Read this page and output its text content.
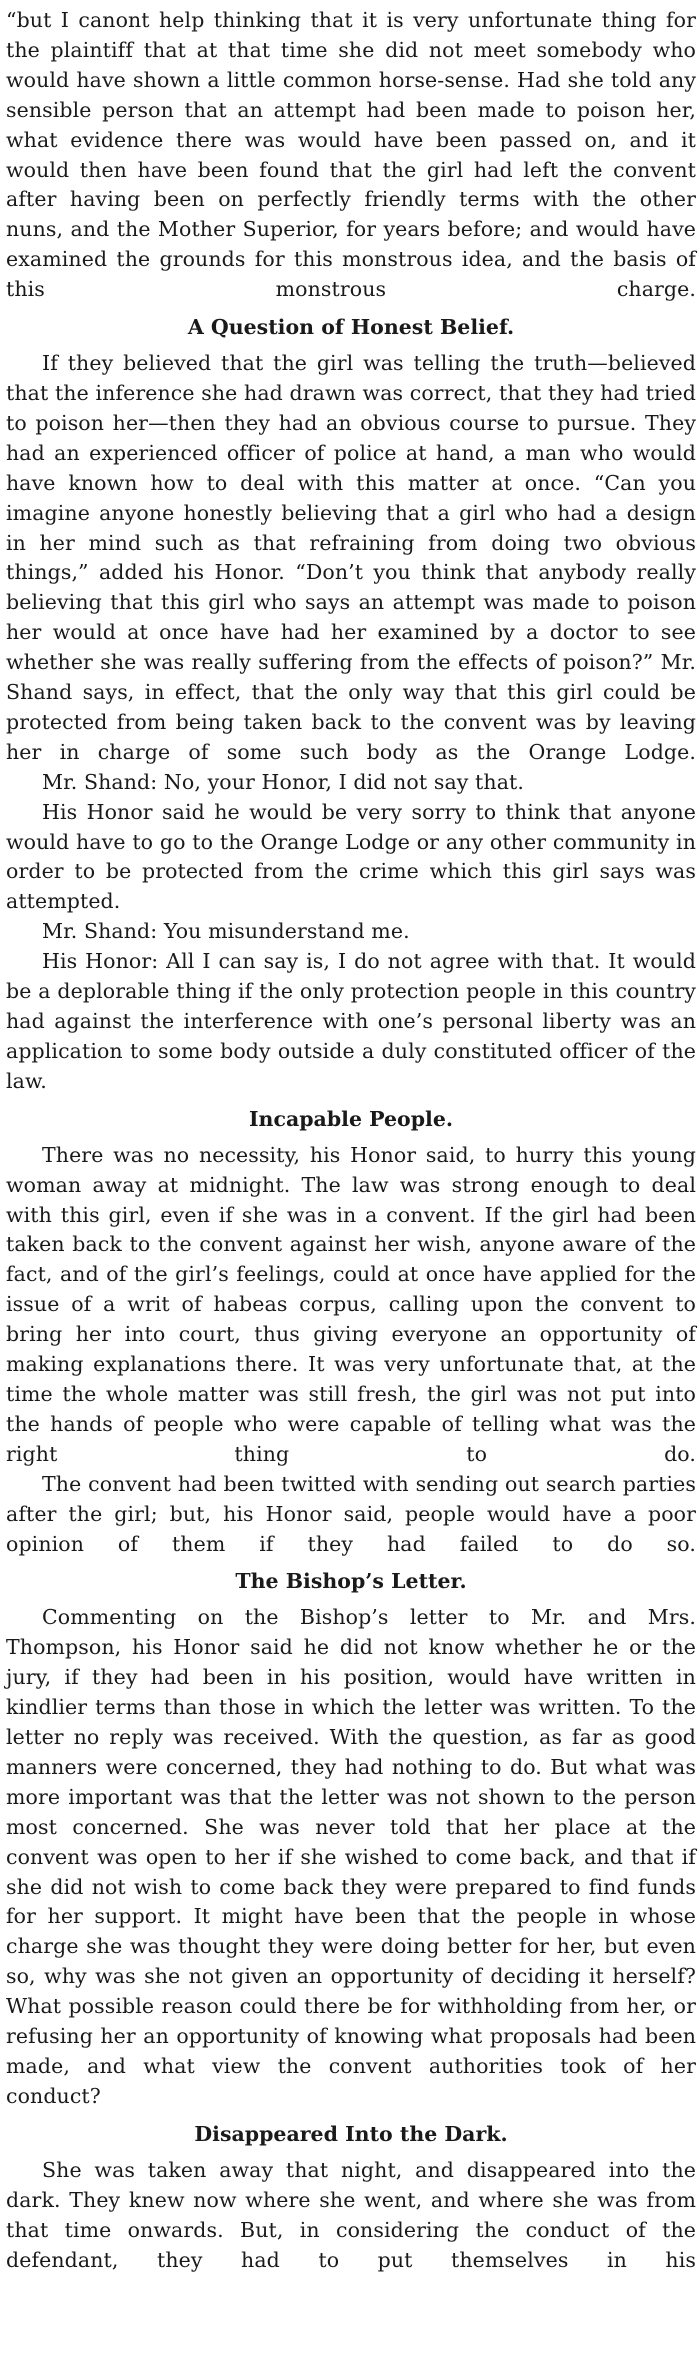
“but I canont help thinking that it is very unfortunate thing for the plaintiff that at that time she did not meet somebody who would have shown a little common horse-sense. Had she told any sensible person that an attempt had been made to poison her, what evidence there was would have been passed on, and it would then have been found that the girl had left the convent after having been on perfectly friendly terms with the other nuns, and the Mother Superior, for years before; and would have examined the grounds for this monstrous idea, and the basis of this monstrous charge.

A Question of Honest Belief.

If they believed that the girl was telling the truth—believed that the inference she had drawn was correct, that they had tried to poison her—then they had an obvious course to pursue. They had an experienced officer of police at hand, a man who would have known how to deal with this matter at once. “Can you imagine anyone honestly believing that a girl who had a design in her mind such as that refraining from doing two obvious things,” added his Honor. “Don’t you think that anybody really believing that this girl who says an attempt was made to poison her would at once have had her examined by a doctor to see whether she was really suffering from the effects of poison?” Mr. Shand says, in effect, that the only way that this girl could be protected from being taken back to the convent was by leaving her in charge of some such body as the Orange Lodge.

Mr. Shand: No, your Honor, I did not say that.

His Honor said he would be very sorry to think that anyone would have to go to the Orange Lodge or any other community in order to be protected from the crime which this girl says was attempted.

Mr. Shand: You misunderstand me.

His Honor: All I can say is, I do not agree with that. It would be a deplorable thing if the only protection people in this country had against the interference with one’s personal liberty was an application to some body outside a duly constituted officer of the law.

Incapable People.

There was no necessity, his Honor said, to hurry this young woman away at midnight. The law was strong enough to deal with this girl, even if she was in a convent. If the girl had been taken back to the convent against her wish, anyone aware of the fact, and of the girl’s feelings, could at once have applied for the issue of a writ of habeas corpus, calling upon the convent to bring her into court, thus giving everyone an opportunity of making explanations there. It was very unfortunate that, at the time the whole matter was still fresh, the girl was not put into the hands of people who were capable of telling what was the right thing to do.

The convent had been twitted with sending out search parties after the girl; but, his Honor said, people would have a poor opinion of them if they had failed to do so.

The Bishop’s Letter.

Commenting on the Bishop’s letter to Mr. and Mrs. Thompson, his Honor said he did not know whether he or the jury, if they had been in his position, would have written in kindlier terms than those in which the letter was written. To the letter no reply was received. With the question, as far as good manners were concerned, they had nothing to do. But what was more important was that the letter was not shown to the person most concerned. She was never told that her place at the convent was open to her if she wished to come back, and that if she did not wish to come back they were prepared to find funds for her support. It might have been that the people in whose charge she was thought they were doing better for her, but even so, why was she not given an opportunity of deciding it herself? What possible reason could there be for withholding from her, or refusing her an opportunity of knowing what proposals had been made, and what view the convent authorities took of her conduct?

Disappeared Into the Dark.

She was taken away that night, and disappeared into the dark. They knew now where she went, and where she was from that time onwards. But, in considering the conduct of the defendant, they had to put themselves in his
